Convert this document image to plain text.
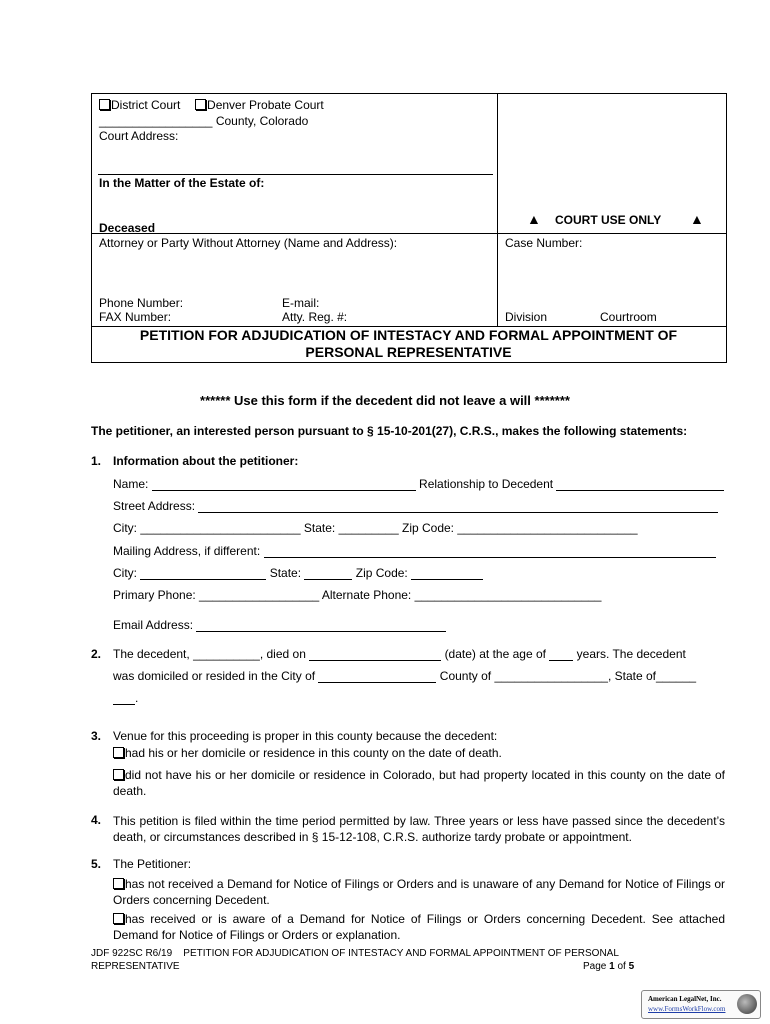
District Court Denver Probate Court
_________________ County, Colorado
Court Address:
In the Matter of the Estate of:
Deceased
Attorney or Party Without Attorney (Name and Address):
Phone Number:	E-mail:
FAX Number:	Atty. Reg. #:
▲ COURT USE ONLY ▲
Case Number:
Division	Courtroom
PETITION FOR ADJUDICATION OF INTESTACY AND FORMAL APPOINTMENT OF
PERSONAL REPRESENTATIVE
****** Use this form if the decedent did not leave a will *******
The petitioner, an interested person pursuant to § 15-10-201(27), C.R.S., makes the following statements:
1. Information about the petitioner:
Name:	Relationship to Decedent
Street Address:
City: ________________________ State: _________ Zip Code: ___________________________
Mailing Address, if different:
City:	State:	Zip Code:
Primary Phone: __________________ Alternate Phone: ____________________________
Email Address:
2. The decedent, __________, died on	(date) at the age of	years. The decedent
was domiciled or resided in the City of	County of _________________, State of______
.
3. Venue for this proceeding is proper in this county because the decedent:
had his or her domicile or residence in this county on the date of death.
did not have his or her domicile or residence in Colorado, but had property located in this county on the date of death.
4. This petition is filed within the time period permitted by law. Three years or less have passed since the decedent’s death, or circumstances described in § 15-12-108, C.R.S. authorize tardy probate or appointment.
5. The Petitioner:
has not received a Demand for Notice of Filings or Orders and is unaware of any Demand for Notice of Filings or Orders concerning Decedent.
has received or is aware of a Demand for Notice of Filings or Orders concerning Decedent. See attached Demand for Notice of Filings or Orders or explanation.
JDF 922SC R6/19 PETITION FOR ADJUDICATION OF INTESTACY AND FORMAL APPOINTMENT OF PERSONAL
REPRESENTATIVE	Page 1 of 5
American LegalNet, Inc.
www.FormsWorkFlow.com
